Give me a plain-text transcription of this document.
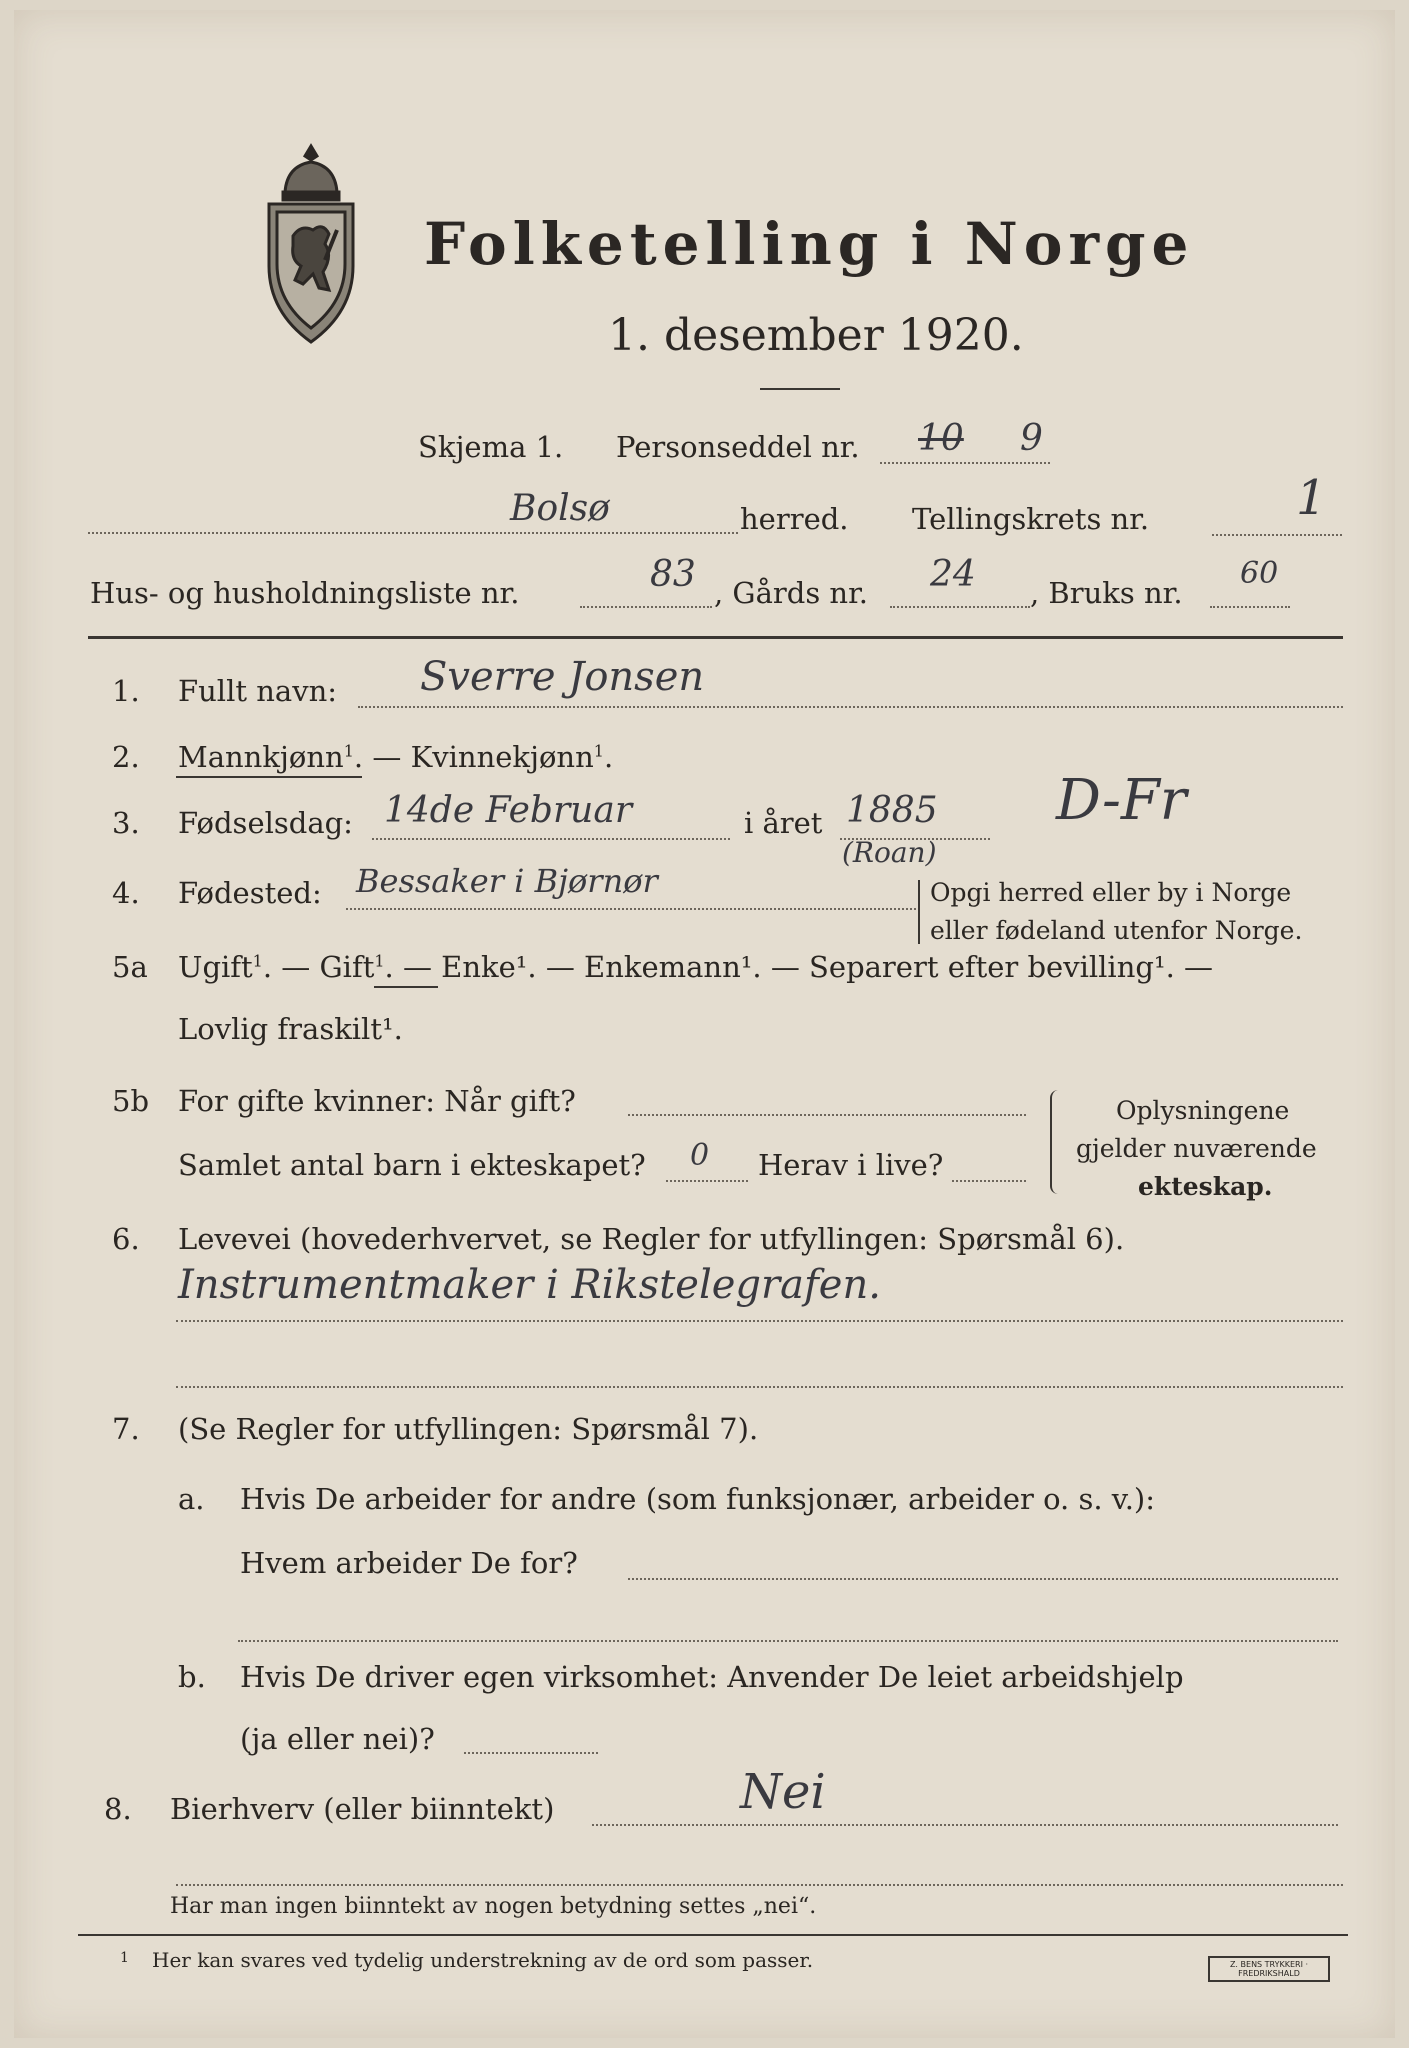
Folketelling i Norge
1. desember 1920.
Skjema 1. Personseddel nr. 10 9
Bolsø	herred. Tellingskrets nr.	1
Hus- og husholdningsliste nr.	83 , Gårds nr. 24 , Bruks nr.
60
1. Fullt navn: Sverre Jonsen
2. Mannkjønn$^1$. — Kvinnekjønn$^1$.
3. Fødselsdag: 14de Februar	i året 1885 D-Fr
4. Fødested: Bessaker i Bjørnør
(Roan)
Opgi herred eller by i Norge
eller fødeland utenfor Norge.
5a Ugift$^1$. — Gift$^1$. — Enke¹. — Enkemann¹. — Separert efter bevilling¹. —
Lovlig fraskilt¹.
5b For gifte kvinner: Når gift?
Samlet antal barn i ekteskapet? 0 Herav i live?
Oplysningene
gjelder nuværende
ekteskap.
6. Levevei (hovederhvervet, se Regler for utfyllingen: Spørsmål 6).
Instrumentmaker i Rikstelegrafen.
7. (Se Regler for utfyllingen: Spørsmål 7).
a. Hvis De arbeider for andre (som funksjonær, arbeider o. s. v.):
Hvem arbeider De for?
b. Hvis De driver egen virksomhet: Anvender De leiet arbeidshjelp
(ja eller nei)?
8. Bierhverv (eller biinntekt)	Nei
Har man ingen biinntekt av nogen betydning settes „nei“.
1 Her kan svares ved tydelig understrekning av de ord som passer.	Z. BENS TRYKKERI · FREDRIKSHALD
